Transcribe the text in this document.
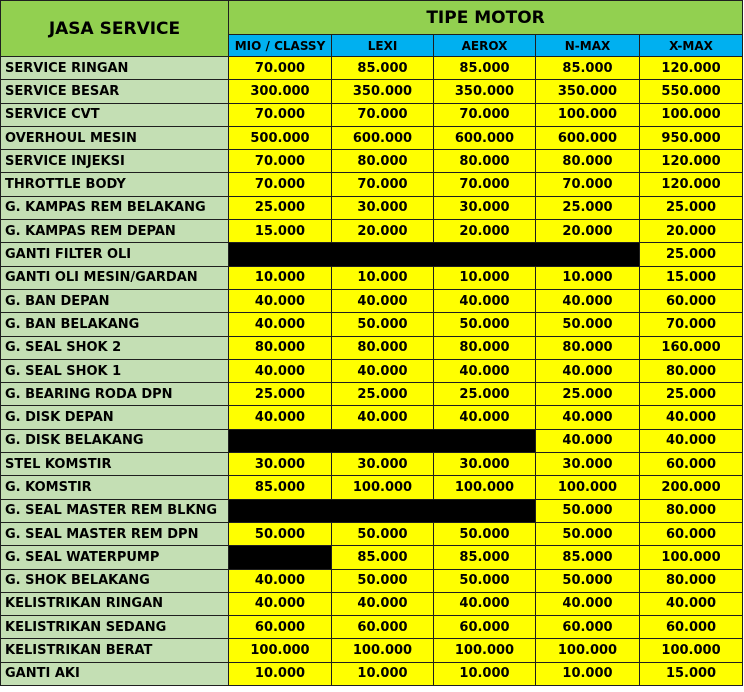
JASA SERVICE	TIPE MOTOR				
	MIO / CLASSY	LEXI	AEROX	N-MAX	X-MAX
SERVICE RINGAN	70.000	85.000	85.000	85.000	120.000
SERVICE BESAR	300.000	350.000	350.000	350.000	550.000
SERVICE CVT	70.000	70.000	70.000	100.000	100.000
OVERHOUL MESIN	500.000	600.000	600.000	600.000	950.000
SERVICE INJEKSI	70.000	80.000	80.000	80.000	120.000
THROTTLE BODY	70.000	70.000	70.000	70.000	120.000
G. KAMPAS REM BELAKANG	25.000	30.000	30.000	25.000	25.000
G. KAMPAS REM DEPAN	15.000	20.000	20.000	20.000	20.000
GANTI FILTER OLI					25.000
GANTI OLI MESIN/GARDAN	10.000	10.000	10.000	10.000	15.000
G. BAN DEPAN	40.000	40.000	40.000	40.000	60.000
G. BAN BELAKANG	40.000	50.000	50.000	50.000	70.000
G. SEAL SHOK 2	80.000	80.000	80.000	80.000	160.000
G. SEAL SHOK 1	40.000	40.000	40.000	40.000	80.000
G. BEARING RODA DPN	25.000	25.000	25.000	25.000	25.000
G. DISK DEPAN	40.000	40.000	40.000	40.000	40.000
G. DISK BELAKANG				40.000	40.000
STEL KOMSTIR	30.000	30.000	30.000	30.000	60.000
G. KOMSTIR	85.000	100.000	100.000	100.000	200.000
G. SEAL MASTER REM BLKNG				50.000	80.000
G. SEAL MASTER REM DPN	50.000	50.000	50.000	50.000	60.000
G. SEAL WATERPUMP		85.000	85.000	85.000	100.000
G. SHOK BELAKANG	40.000	50.000	50.000	50.000	80.000
KELISTRIKAN RINGAN	40.000	40.000	40.000	40.000	40.000
KELISTRIKAN SEDANG	60.000	60.000	60.000	60.000	60.000
KELISTRIKAN BERAT	100.000	100.000	100.000	100.000	100.000
GANTI AKI	10.000	10.000	10.000	10.000	15.000
